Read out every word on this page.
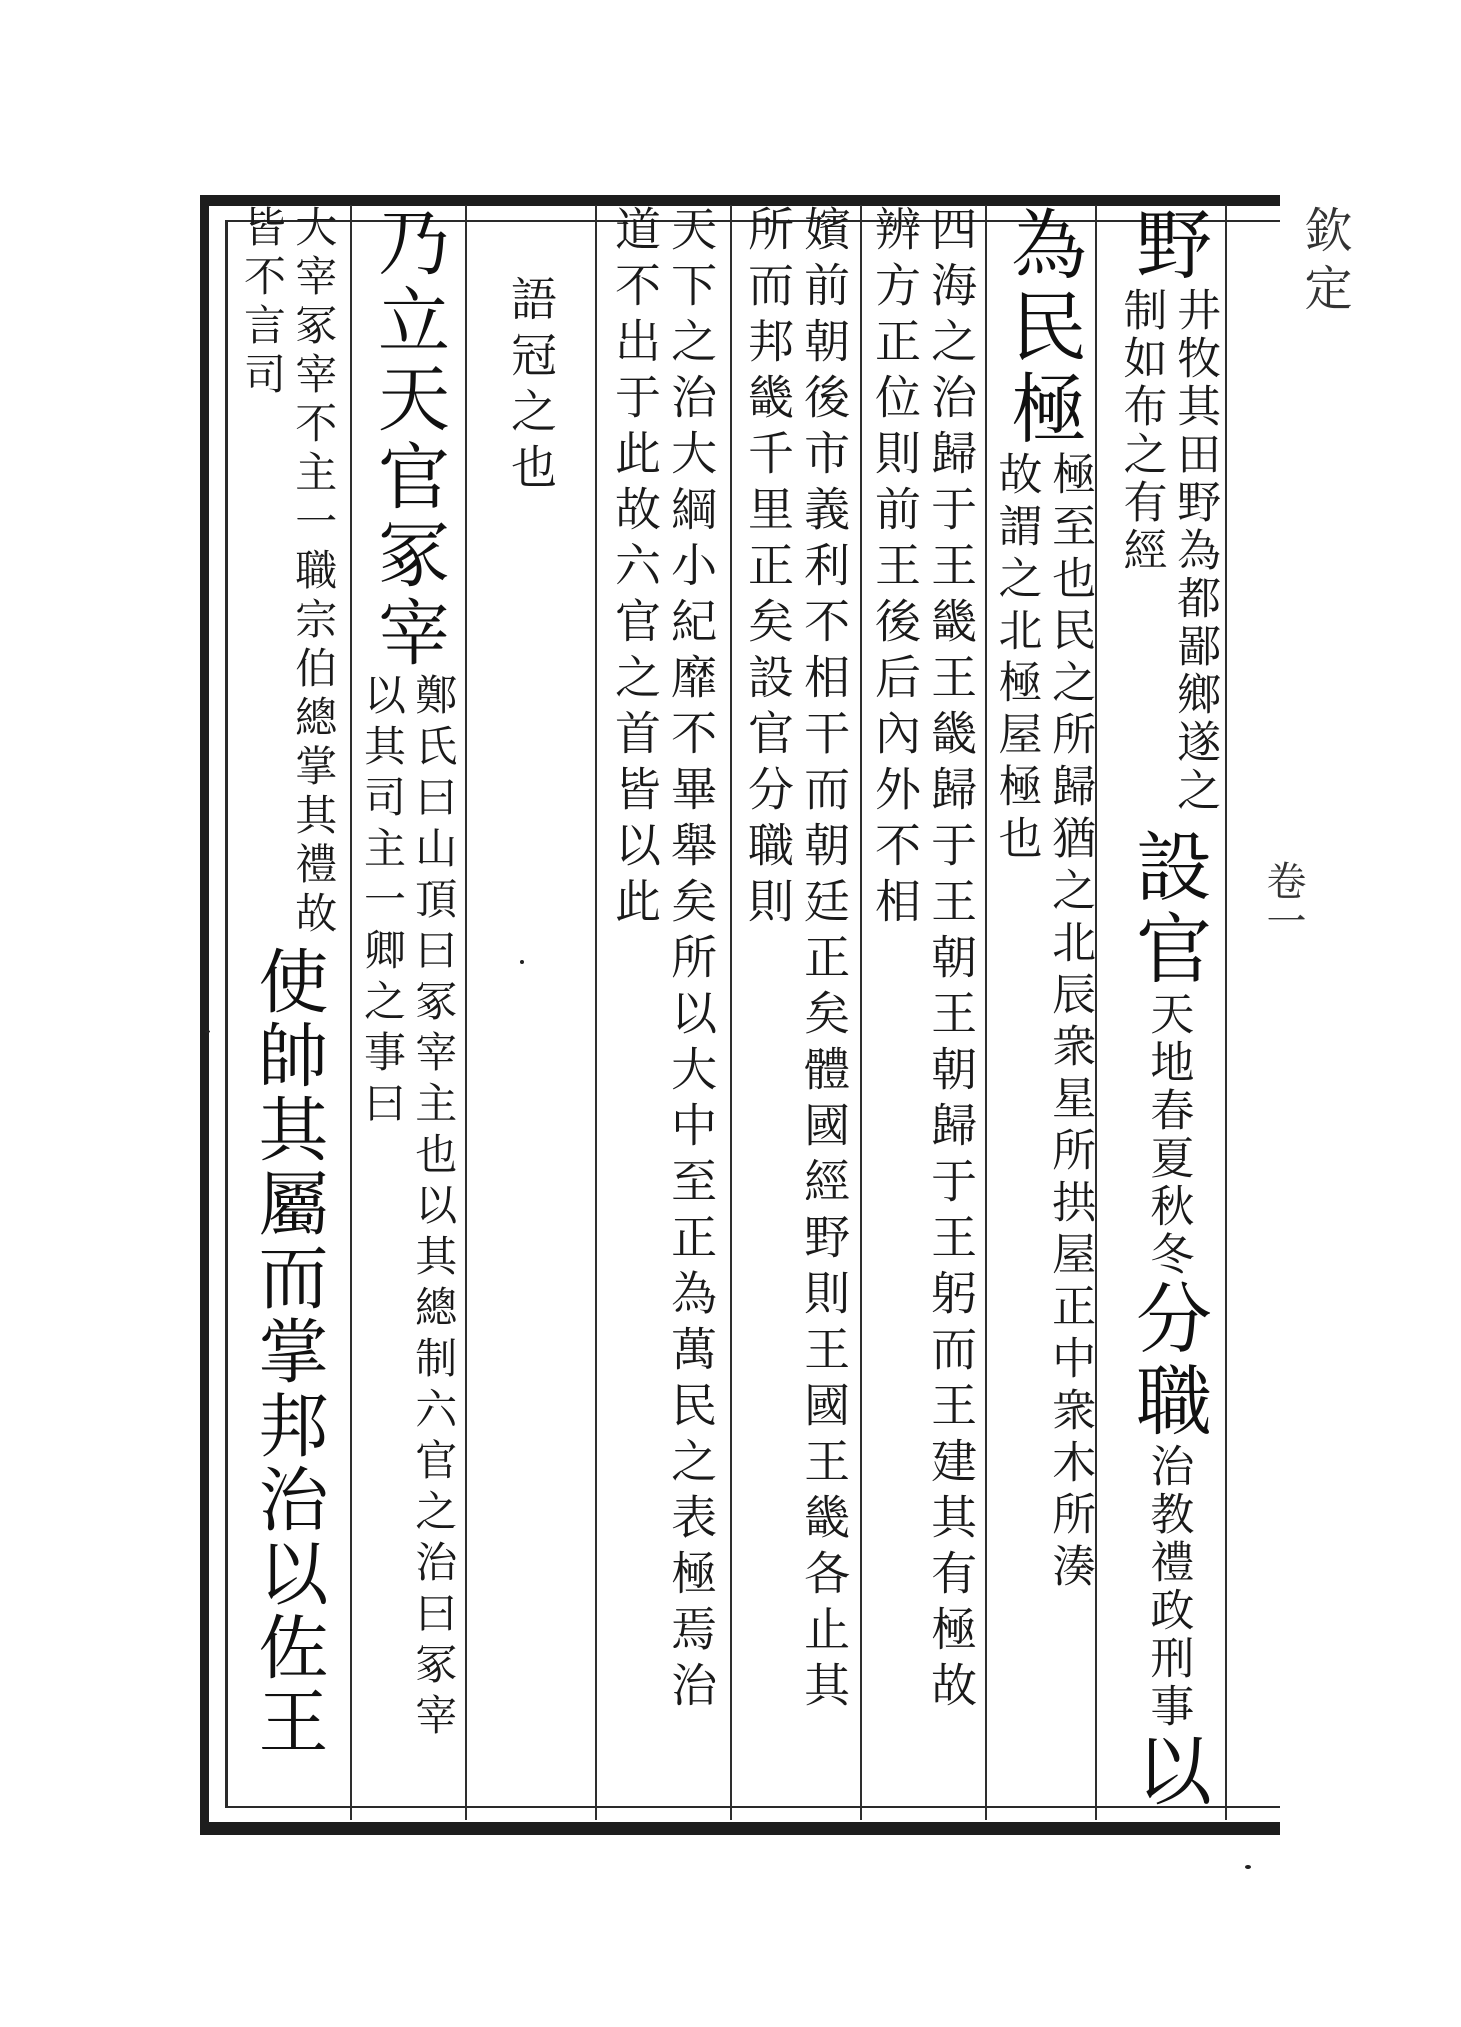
欽定
卷一
野
井牧其田野為都鄙鄉遂之制如布之有經
設官
天地春夏秋冬
分職
治教禮政刑事
以
為民極
極至也民之所歸猶之北辰衆星所拱屋正中衆木所湊故謂之北極屋極也
四海之治歸于王畿王畿歸于王朝王朝歸于王躬而王建其有極故辨方正位則前王後后內外不相
嬪前朝後市義利不相干而朝廷正矣體國經野則王國王畿各止其所而邦畿千里正矣設官分職則
天下之治大綱小紀靡不畢舉矣所以大中至正為萬民之表極焉治道不出于此故六官之首皆以此
語冠之也
乃立天官冢宰
鄭氏曰山頂曰冢宰主也以其總制六官之治曰冢宰以其司主一卿之事曰
大宰冢宰不主一職宗伯總掌其禮故皆不言司
使帥其屬而掌邦治以佐王
